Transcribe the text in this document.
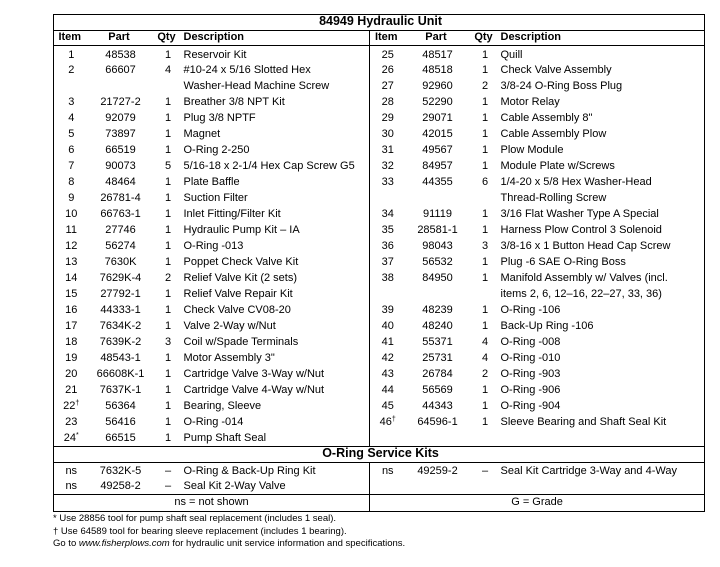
84949 Hydraulic Unit							
Item	Part	Qty	Description	Item	Part	Qty	Description
1	48538	1	Reservoir Kit	25	48517	1	Quill
2	66607	4	#10-24 x 5/16 Slotted Hex	26	48518	1	Check Valve Assembly
			Washer-Head Machine Screw	27	92960	2	3/8-24 O-Ring Boss Plug
3	21727-2	1	Breather 3/8 NPT Kit	28	52290	1	Motor Relay
4	92079	1	Plug 3/8 NPTF	29	29071	1	Cable Assembly 8"
5	73897	1	Magnet	30	42015	1	Cable Assembly Plow
6	66519	1	O-Ring 2-250	31	49567	1	Plow Module
7	90073	5	5/16-18 x 2-1/4 Hex Cap Screw G5	32	84957	1	Module Plate w/Screws
8	48464	1	Plate Baffle	33	44355	6	1/4-20 x 5/8 Hex Washer-Head
9	26781-4	1	Suction Filter				Thread-Rolling Screw
10	66763-1	1	Inlet Fitting/Filter Kit	34	91119	1	3/16 Flat Washer Type A Special
11	27746	1	Hydraulic Pump Kit – IA	35	28581-1	1	Harness Plow Control 3 Solenoid
12	56274	1	O-Ring -013	36	98043	3	3/8-16 x 1 Button Head Cap Screw
13	7630K	1	Poppet Check Valve Kit	37	56532	1	Plug -6 SAE O-Ring Boss
14	7629K-4	2	Relief Valve Kit (2 sets)	38	84950	1	Manifold Assembly w/ Valves (incl.
15	27792-1	1	Relief Valve Repair Kit				items 2, 6, 12–16, 22–27, 33, 36)
16	44333-1	1	Check Valve CV08-20	39	48239	1	O-Ring -106
17	7634K-2	1	Valve 2-Way w/Nut	40	48240	1	Back-Up Ring -106
18	7639K-2	3	Coil w/Spade Terminals	41	55371	4	O-Ring -008
19	48543-1	1	Motor Assembly 3"	42	25731	4	O-Ring -010
20	66608K-1	1	Cartridge Valve 3-Way w/Nut	43	26784	2	O-Ring -903
21	7637K-1	1	Cartridge Valve 4-Way w/Nut	44	56569	1	O-Ring -906
22†	56364	1	Bearing, Sleeve	45	44343	1	O-Ring -904
23	56416	1	O-Ring -014	46†	64596-1	1	Sleeve Bearing and Shaft Seal Kit
24*	66515	1	Pump Shaft Seal				
O-Ring Service Kits							
ns	7632K-5	–	O-Ring & Back-Up Ring Kit	ns	49259-2	–	Seal Kit Cartridge 3-Way and 4-Way
ns	49258-2	–	Seal Kit 2-Way Valve				
ns = not shown				G = Grade			
* Use 28856 tool for pump shaft seal replacement (includes 1 seal).
† Use 64589 tool for bearing sleeve replacement (includes 1 bearing).
Go to www.fisherplows.com for hydraulic unit service information and specifications.
